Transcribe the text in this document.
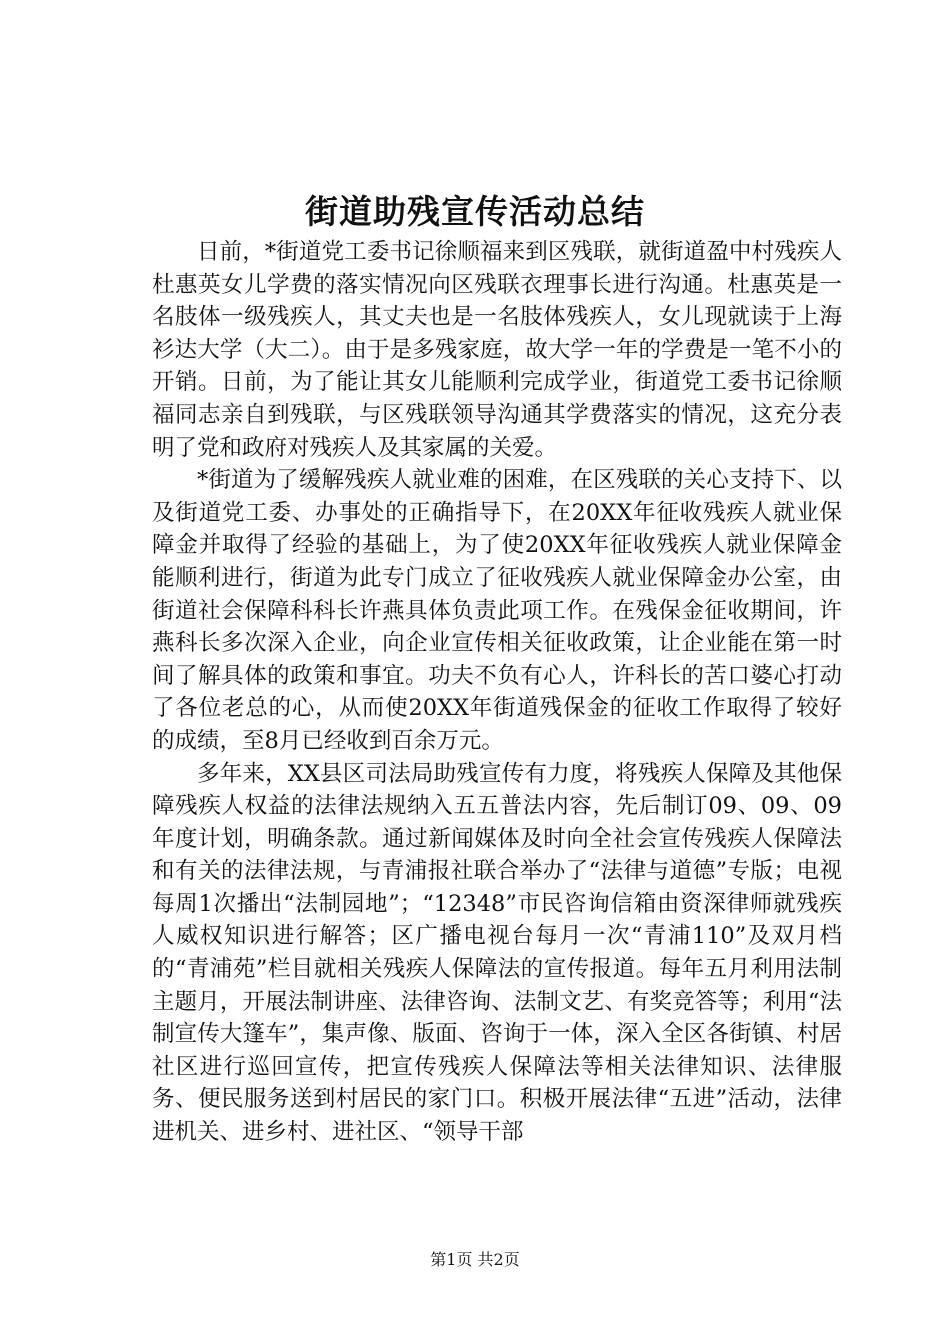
街道助残宣传活动总结

日前，*街道党工委书记徐顺福来到区残联，就街道盈中村残疾人杜惠英女儿学费的落实情况向区残联衣理事长进行沟通。杜惠英是一名肢体一级残疾人，其丈夫也是一名肢体残疾人，女儿现就读于上海衫达大学（大二）。由于是多残家庭，故大学一年的学费是一笔不小的开销。日前，为了能让其女儿能顺利完成学业，街道党工委书记徐顺福同志亲自到残联，与区残联领导沟通其学费落实的情况，这充分表明了党和政府对残疾人及其家属的关爱。

*街道为了缓解残疾人就业难的困难，在区残联的关心支持下、以及街道党工委、办事处的正确指导下，在20XX年征收残疾人就业保障金并取得了经验的基础上，为了使20XX年征收残疾人就业保障金能顺利进行，街道为此专门成立了征收残疾人就业保障金办公室，由街道社会保障科科长许燕具体负责此项工作。在残保金征收期间，许燕科长多次深入企业，向企业宣传相关征收政策，让企业能在第一时间了解具体的政策和事宜。功夫不负有心人，许科长的苦口婆心打动了各位老总的心，从而使20XX年街道残保金的征收工作取得了较好的成绩，至8月已经收到百余万元。

多年来，XX县区司法局助残宣传有力度，将残疾人保障及其他保障残疾人权益的法律法规纳入五五普法内容，先后制订09、09、09年度计划，明确条款。通过新闻媒体及时向全社会宣传残疾人保障法和有关的法律法规，与青浦报社联合举办了“法律与道德”专版；电视每周1次播出“法制园地”；“12348”市民咨询信箱由资深律师就残疾人威权知识进行解答；区广播电视台每月一次“青浦110”及双月档的“青浦苑”栏目就相关残疾人保障法的宣传报道。每年五月利用法制主题月，开展法制讲座、法律咨询、法制文艺、有奖竞答等；利用“法制宣传大篷车”，集声像、版面、咨询于一体，深入全区各街镇、村居社区进行巡回宣传，把宣传残疾人保障法等相关法律知识、法律服务、便民服务送到村居民的家门口。积极开展法律“五进”活动，法律进机关、进乡村、进社区、“领导干部

第1页 共2页
